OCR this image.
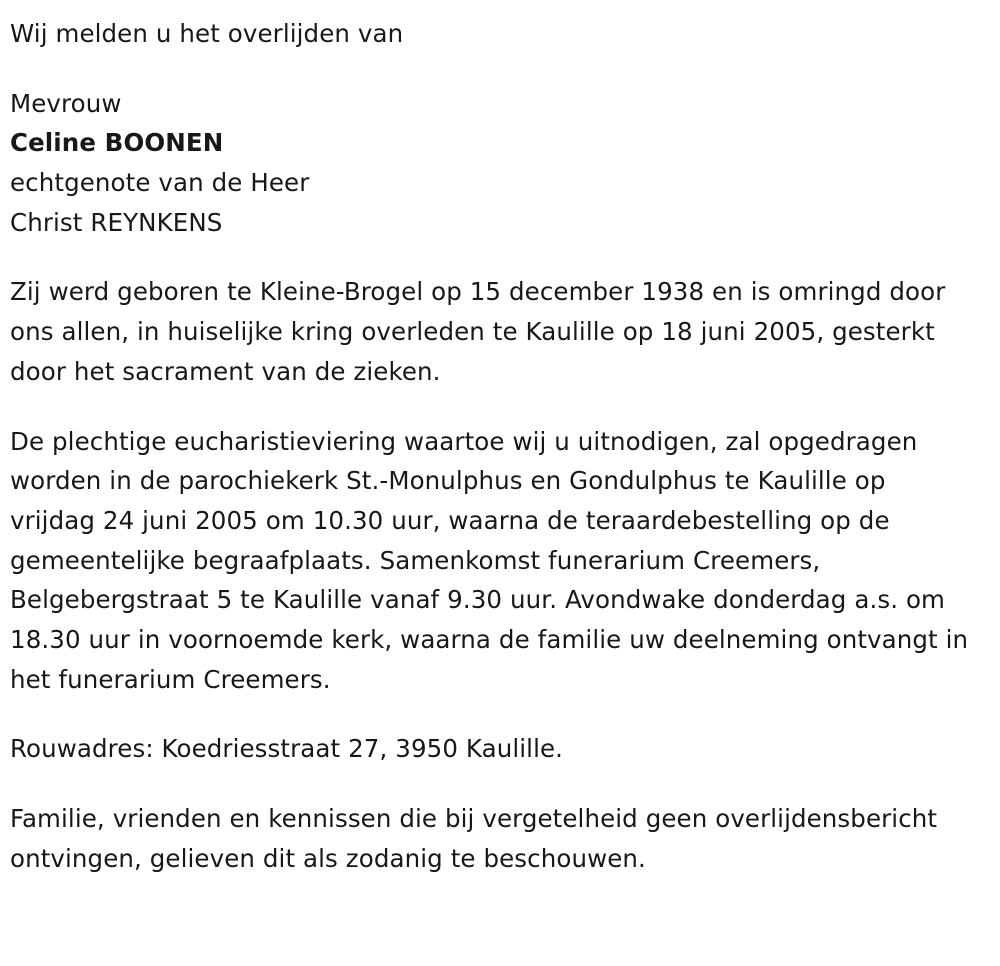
Wij melden u het overlijden van

Mevrouw
Celine BOONEN
echtgenote van de Heer
Christ REYNKENS

Zij werd geboren te Kleine-Brogel op 15 december 1938 en is omringd door ons allen, in huiselijke kring overleden te Kaulille op 18 juni 2005, gesterkt door het sacrament van de zieken.

De plechtige eucharistieviering waartoe wij u uitnodigen, zal opgedragen worden in de parochiekerk St.-Monulphus en Gondulphus te Kaulille op vrijdag 24 juni 2005 om 10.30 uur, waarna de teraardebestelling op de gemeentelijke begraafplaats. Samenkomst funerarium Creemers, Belgebergstraat 5 te Kaulille vanaf 9.30 uur. Avondwake donderdag a.s. om 18.30 uur in voornoemde kerk, waarna de familie uw deelneming ontvangt in het funerarium Creemers.

Rouwadres: Koedriesstraat 27, 3950 Kaulille.

Familie, vrienden en kennissen die bij vergetelheid geen overlijdensbericht ontvingen, gelieven dit als zodanig te beschouwen.
